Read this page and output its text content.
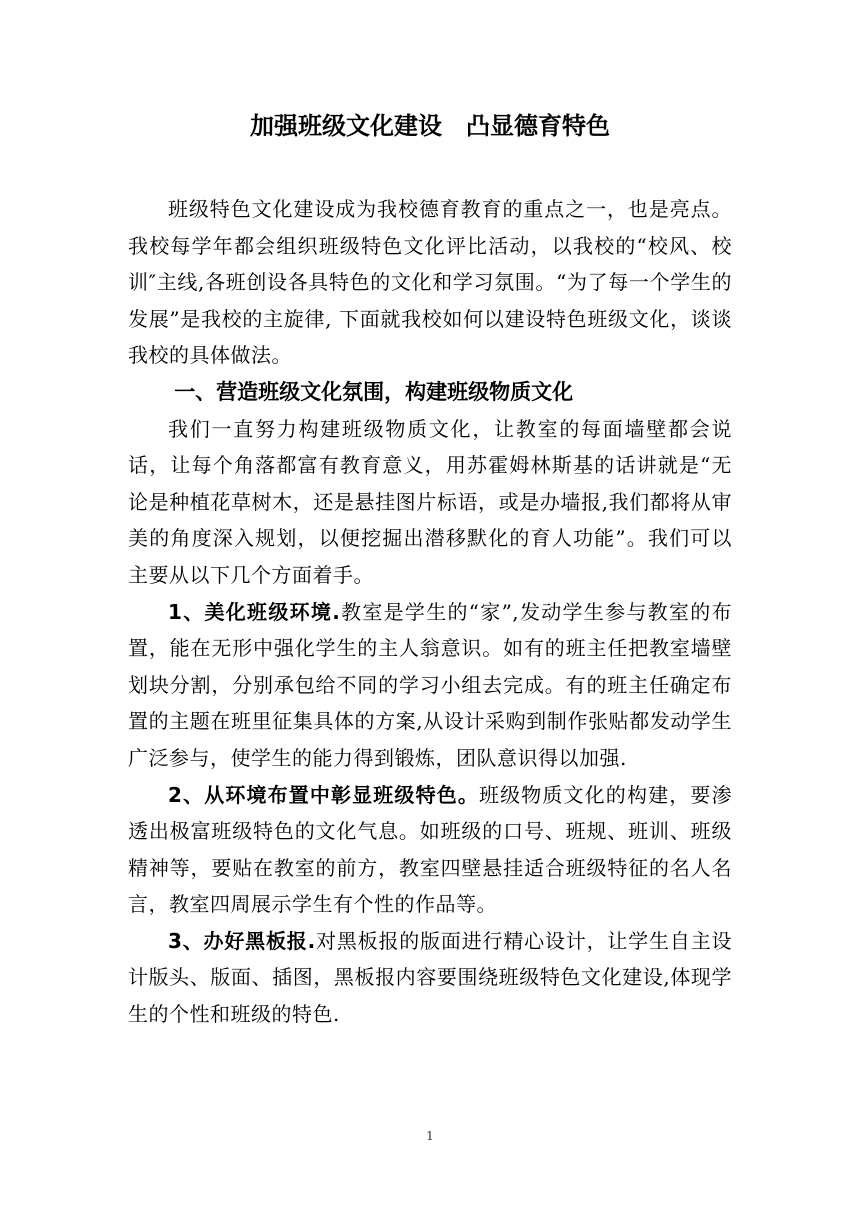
加强班级文化建设　凸显德育特色

班级特色文化建设成为我校德育教育的重点之一，也是亮点。我校每学年都会组织班级特色文化评比活动，以我校的“校风、校训″主线,各班创设各具特色的文化和学习氛围。“为了每一个学生的发展”是我校的主旋律, 下面就我校如何以建设特色班级文化，谈谈我校的具体做法。

一、营造班级文化氛围，构建班级物质文化

我们一直努力构建班级物质文化，让教室的每面墙壁都会说话，让每个角落都富有教育意义，用苏霍姆林斯基的话讲就是“无论是种植花草树木，还是悬挂图片标语，或是办墙报,我们都将从审美的角度深入规划，以便挖掘出潜移默化的育人功能”。我们可以主要从以下几个方面着手。

1、美化班级环境.教室是学生的“家”,发动学生参与教室的布置，能在无形中强化学生的主人翁意识。如有的班主任把教室墙壁划块分割，分别承包给不同的学习小组去完成。有的班主任确定布置的主题在班里征集具体的方案,从设计采购到制作张贴都发动学生广泛参与，使学生的能力得到锻炼，团队意识得以加强.

2、从环境布置中彰显班级特色。班级物质文化的构建，要渗透出极富班级特色的文化气息。如班级的口号、班规、班训、班级精神等，要贴在教室的前方，教室四壁悬挂适合班级特征的名人名言，教室四周展示学生有个性的作品等。

3、办好黑板报.对黑板报的版面进行精心设计，让学生自主设计版头、版面、插图，黑板报内容要围绕班级特色文化建设,体现学生的个性和班级的特色.

1
